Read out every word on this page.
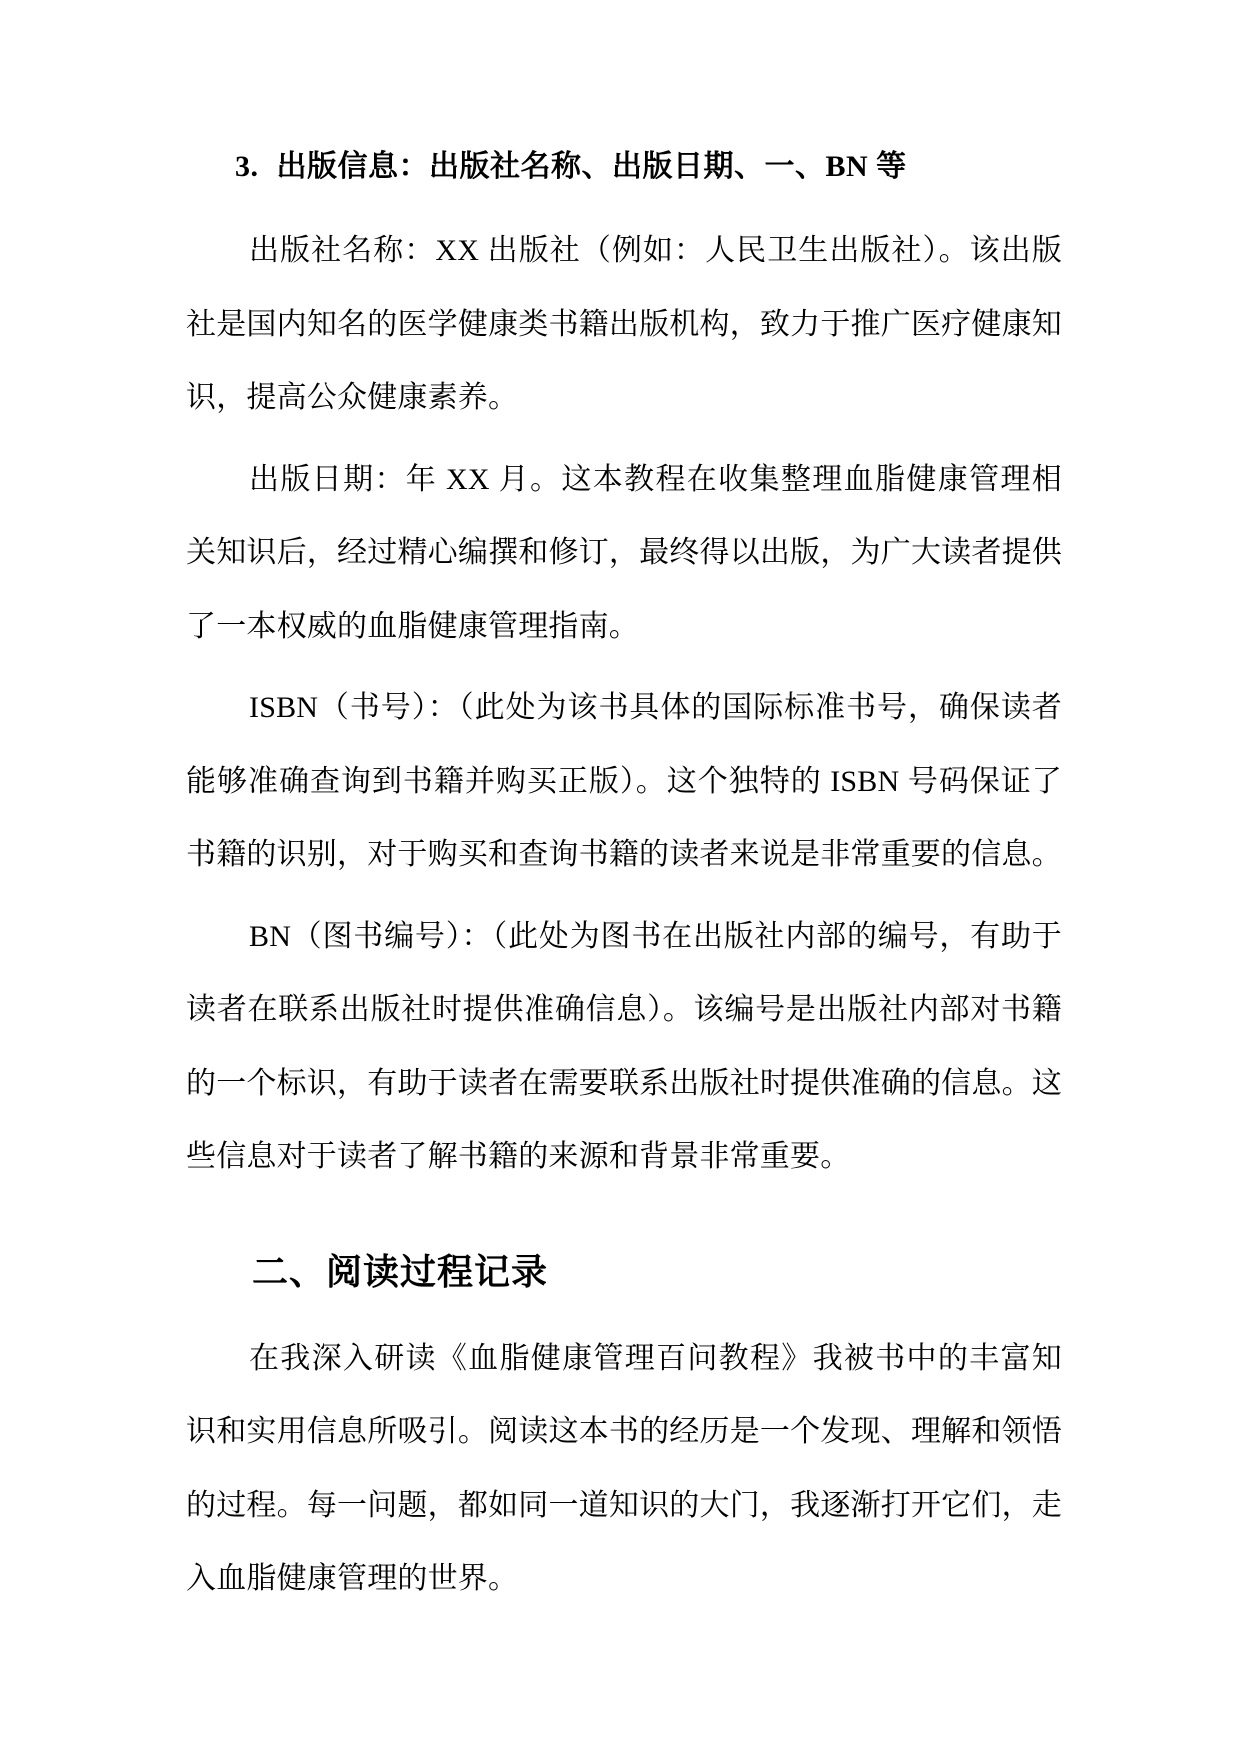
3. 出版信息：出版社名称、出版日期、一、BN 等

出版社名称：XX 出版社（例如：人民卫生出版社）。该出版社是国内知名的医学健康类书籍出版机构，致力于推广医疗健康知识，提高公众健康素养。

出版日期：年 XX 月。这本教程在收集整理血脂健康管理相关知识后，经过精心编撰和修订，最终得以出版，为广大读者提供了一本权威的血脂健康管理指南。

ISBN（书号）：（此处为该书具体的国际标准书号，确保读者能够准确查询到书籍并购买正版）。这个独特的 ISBN 号码保证了书籍的识别，对于购买和查询书籍的读者来说是非常重要的信息。

BN（图书编号）：（此处为图书在出版社内部的编号，有助于读者在联系出版社时提供准确信息）。该编号是出版社内部对书籍的一个标识，有助于读者在需要联系出版社时提供准确的信息。这些信息对于读者了解书籍的来源和背景非常重要。

二、阅读过程记录

在我深入研读《血脂健康管理百问教程》我被书中的丰富知识和实用信息所吸引。阅读这本书的经历是一个发现、理解和领悟的过程。每一问题，都如同一道知识的大门，我逐渐打开它们，走入血脂健康管理的世界。
